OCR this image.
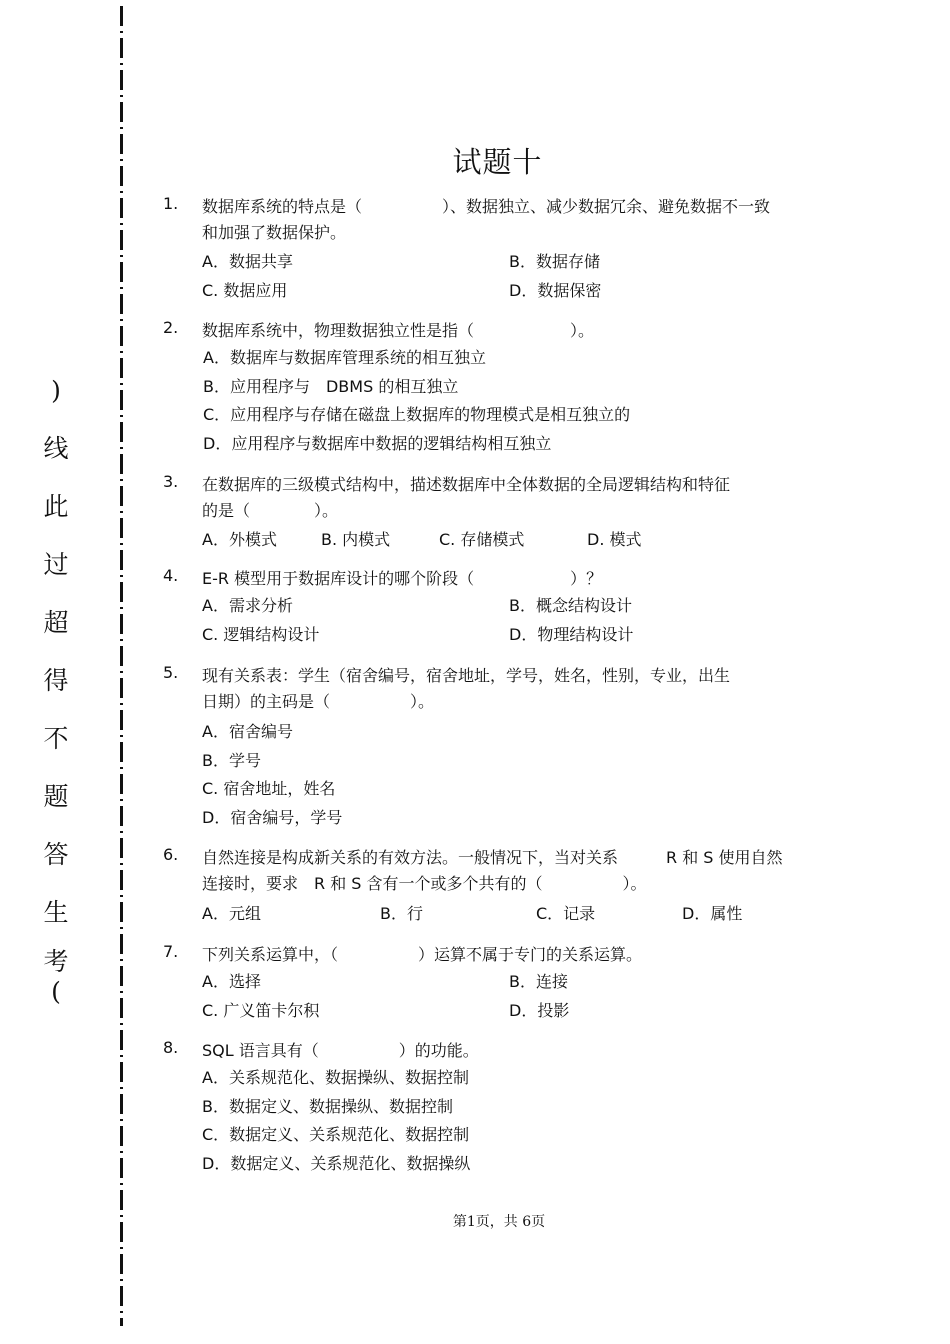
)
线
此
过
超
得
不
题
答
生
考
(
试题十
1. 数据库系统的特点是（　　　　　）、数据独立、减少数据冗余、避免数据不一致
和加强了数据保护。
A．数据共享	B．数据存储
C. 数据应用	D．数据保密
2. 数据库系统中，物理数据独立性是指（　　　　　　）。
A．数据库与数据库管理系统的相互独立
B．应用程序与　DBMS 的相互独立
C．应用程序与存储在磁盘上数据库的物理模式是相互独立的
D．应用程序与数据库中数据的逻辑结构相互独立
3. 在数据库的三级模式结构中，描述数据库中全体数据的全局逻辑结构和特征
的是（　　　　）。
A．外模式	B. 内模式	C. 存储模式	D. 模式
4. E-R 模型用于数据库设计的哪个阶段（　　　　　　）？
A．需求分析	B．概念结构设计
C. 逻辑结构设计	D．物理结构设计
5. 现有关系表：学生（宿舍编号，宿舍地址，学号，姓名，性别，专业，出生
日期）的主码是（　　　　　）。
A．宿舍编号
B．学号
C. 宿舍地址，姓名
D．宿舍编号，学号
6. 自然连接是构成新关系的有效方法。一般情况下，当对关系　　　R 和 S 使用自然
连接时，要求　R 和 S 含有一个或多个共有的（　　　　　）。
A．元组	B．行	C．记录	D．属性
7. 下列关系运算中，（　　　　　）运算不属于专门的关系运算。
A．选择	B．连接
C. 广义笛卡尔积	D．投影
8. SQL 语言具有（　　　　　）的功能。
A．关系规范化、数据操纵、数据控制
B．数据定义、数据操纵、数据控制
C．数据定义、关系规范化、数据控制
D．数据定义、关系规范化、数据操纵
第1页，共 6页
